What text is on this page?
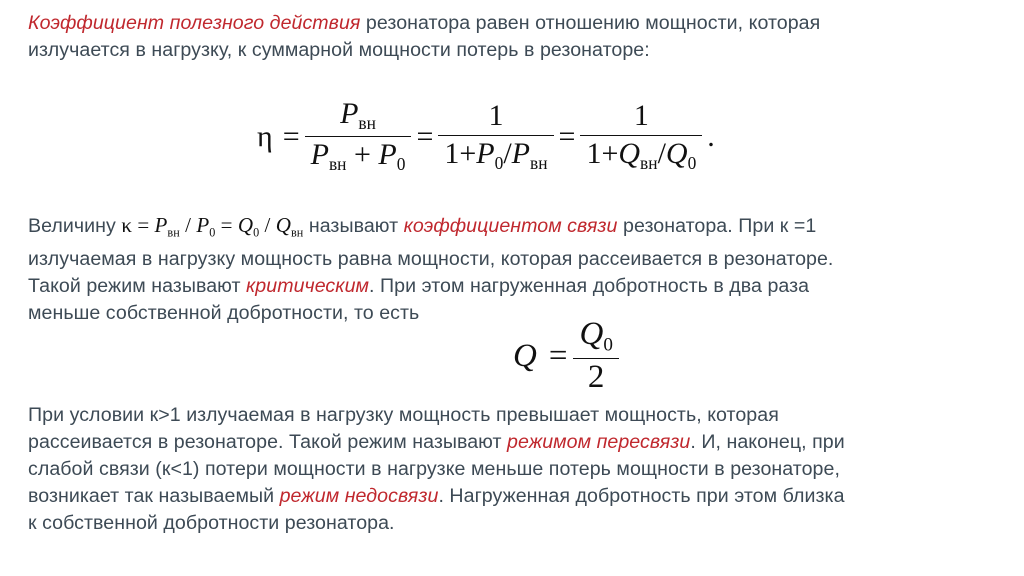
Коэффициент полезного действия резонатора равен отношению мощности, которая
излучается в нагрузку, к суммарной мощности потерь в резонаторе:
$\eta = \frac{P_{вн}}{P_{вн} + P_0} = \frac{1}{1+P_0/P_{вн}} = \frac{1}{1+Q_{вн}/Q_0}$ .
Величину $\kappa = P_{вн} / P_0 = Q_0 / Q_{вн}$ называют коэффициентом связи резонатора. При к =1
излучаемая в нагрузку мощность равна мощности, которая рассеивается в резонаторе.
Такой режим называют критическим. При этом нагруженная добротность в два раза
меньше собственной добротности, то есть
$Q = \frac{Q_0}{2}$
При условии к>1 излучаемая в нагрузку мощность превышает мощность, которая
рассеивается в резонаторе. Такой режим называют режимом пересвязи. И, наконец, при
слабой связи (к<1) потери мощности в нагрузке меньше потерь мощности в резонаторе,
возникает так называемый режим недосвязи. Нагруженная добротность при этом близка
к собственной добротности резонатора.
